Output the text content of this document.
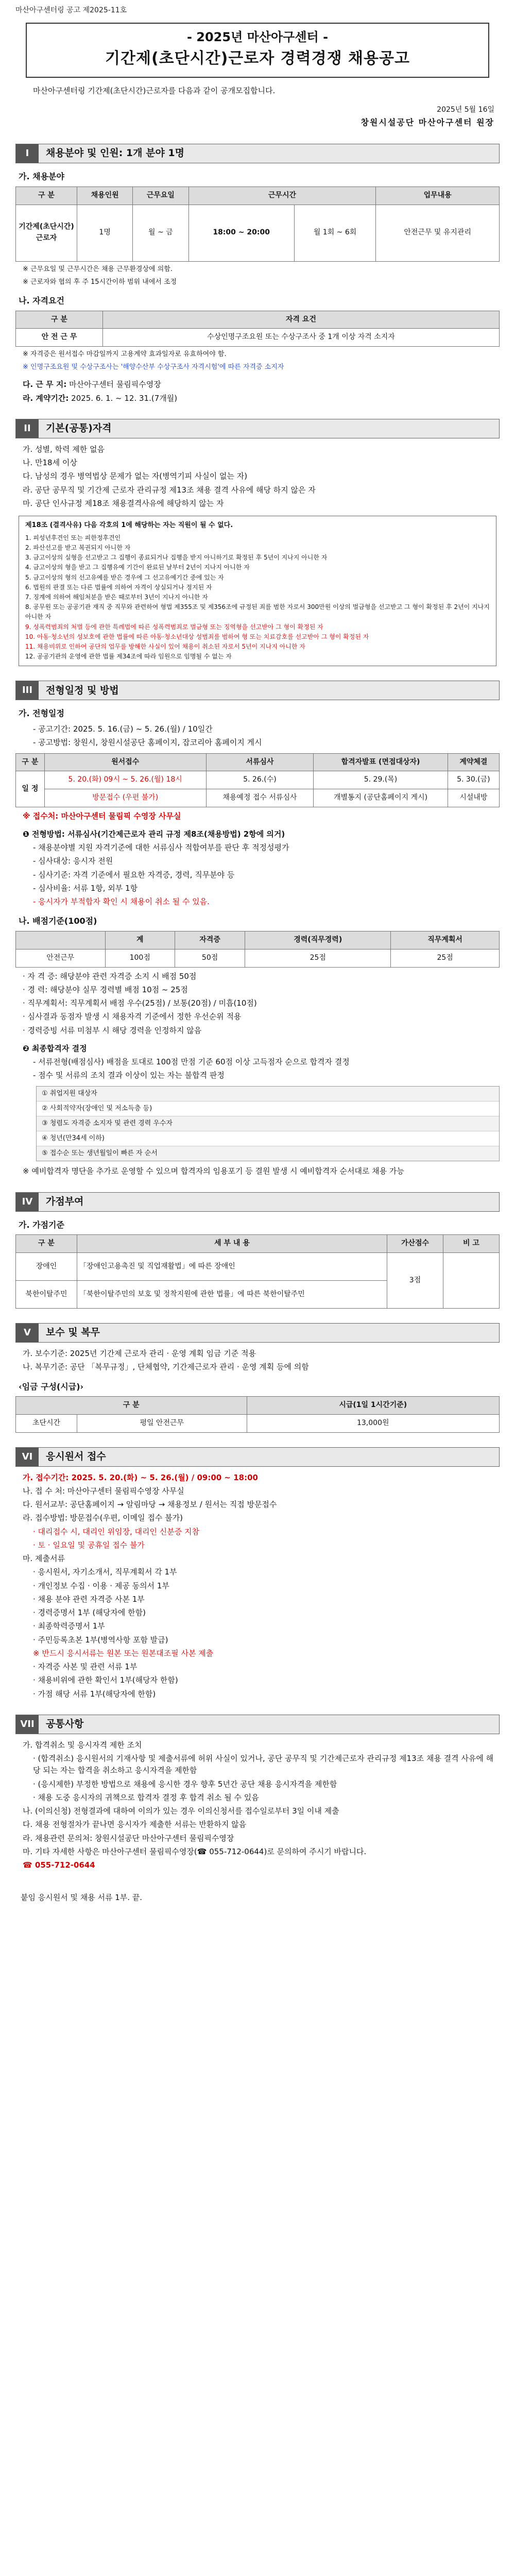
마산아구센터링 공고 제2025-11호
- 2025년 마산아구센터 -
기간제(초단시간)근로자 경력경쟁 채용공고
마산아구센터링 기간제(초단시간)근로자를 다음과 같이 공개모집합니다.
2025년 5월 16일
창원시설공단 마산아구센터 원장
I	채용분야 및 인원: 1개 분야 1명
가. 채용분야
구 분	채용인원	근무요일	근무시간		업무내용
기간제(초단시간) 근로자	1명	월 ~ 금	18:00 ~ 20:00	월 1회 ~ 6회	안전근무 및 유지관리
※ 근무요일 및 근무시간은 채용 근무환경상에 의함.
※ 근로자와 협의 후 주 15시간이하 범위 내에서 조정
나. 자격요건
구 분	자격 요건
안 전 근 무	수상인명구조요원 또는 수상구조사 중 1개 이상 자격 소지자
※ 자격증은 원서접수 마감일까지 고용계약 효과일자로 유효하여야 함.
※ 인명구조요원 및 수상구조사는 '해양수산부 수상구조사 자격시험'에 따른 자격증 소지자
다. 근 무 지: 마산아구센터 물림픽수영장
라. 계약기간: 2025. 6. 1. ~ 12. 31.(7개월)
II	기본(공통)자격
가. 성별, 학력 제한 없음
나. 만18세 이상
다. 남성의 경우 병역법상 문제가 없는 자(병역기피 사실이 없는 자)
라. 공단 공무직 및 기간제 근로자 관리규정 제13조 채용 결격 사유에 해당 하지 않은 자
마. 공단 인사규정 제18조 채용결격사유에 해당하지 않는 자
제18조 (결격사유) 다음 각호의 1에 해당하는 자는 직원이 될 수 없다.
1. 피성년후견인 또는 피한정후견인
2. 파산선고를 받고 복권되지 아니한 자
3. 금고이상의 실형을 선고받고 그 집행이 종료되거나 집행을 받지 아니하기로 확정된 후 5년이 지나지 아니한 자
4. 금고이상의 형을 받고 그 집행유예 기간이 완료된 날부터 2년이 지나지 아니한 자
5. 금고이상의 형의 선고유예를 받은 경우에 그 선고유예기간 중에 있는 자
6. 법원의 판결 또는 다른 법률에 의하여 자격이 상실되거나 정지된 자
7. 징계에 의하여 해임처분을 받은 때로부터 3년이 지나지 아니한 자
8. 공무원 또는 공공기관 재직 중 직무와 관련하여 형법 제355조 및 제356조에 규정된 죄를 범한 자로서 300만원 이상의 벌금형을 선고받고 그 형이 확정된 후 2년이 지나지 아니한 자
9. 성폭력범죄의 처벌 등에 관한 특례법에 따른 성폭력범죄로 벌금형 또는 징역형을 선고받아 그 형이 확정된 자
10. 아동·청소년의 성보호에 관한 법률에 따른 아동·청소년대상 성범죄를 범하여 형 또는 치료감호를 선고받아 그 형이 확정된 자
11. 채용비위로 인하여 공단의 업무를 방해한 사실이 있어 채용이 취소된 자로서 5년이 지나지 아니한 자
12. 공공기관의 운영에 관한 법률 제34조에 따라 임원으로 임명될 수 없는 자
III	전형일정 및 방법
가. 전형일정
- 공고기간: 2025. 5. 16.(금) ~ 5. 26.(월) / 10일간
- 공고방법: 창원시, 창원시설공단 홈페이지, 잡코리아 홈페이지 게시
구 분	원서접수	서류심사	합격자발표 (면접대상자)	계약체결
일 정	5. 20.(화) 09시 ~ 5. 26.(월) 18시	5. 26.(수)	5. 29.(목)	5. 30.(금)
	방문접수 (우편 불가)	채용예정 접수 서류심사	개별통지 (공단홈페이지 게시)	시설내방
※ 접수처: 마산아구센터 물림픽 수영장 사무실
❶ 전형방법: 서류심사(기간제근로자 관리 규정 제8조(채용방법) 2항에 의거)
- 채용분야별 지원 자격기준에 대한 서류심사 적합여부를 판단 후 적정성평가
- 심사대상: 응시자 전원
- 심사기준: 자격 기준에서 필요한 자격증, 경력, 직무분야 등
- 심사비율: 서류 1항, 외부 1항
- 응시자가 부적합자 확인 시 채용이 취소 될 수 있음.
나. 배점기준(100점)
	계	자격증	경력(직무경력)	직무계획서

안전근무	100점	50점	25점	25점
· 자 격 증: 해당분야 관련 자격증 소지 시 배점 50점
· 경 력: 해당분야 실무 경력별 배점 10점 ~ 25점
· 직무계획서: 직무계획서 배점 우수(25점) / 보통(20점) / 미흡(10점)
· 심사결과 동점자 발생 시 채용자격 기준에서 정한 우선순위 적용
· 경력증빙 서류 미첨부 시 해당 경력을 인정하지 않음
❷ 최종합격자 결정
- 서류전형(배점심사) 배점을 토대로 100점 만점 기준 60점 이상 고득점자 순으로 합격자 결정
- 점수 및 서류의 조치 결과 이상이 있는 자는 불합격 판정
① 취업지원 대상자
② 사회적약자(장애인 및 저소득층 등)
③ 청렴도 자격증 소지자 및 관련 경력 우수자
④ 청년(만34세 이하)
⑤ 접수순 또는 생년월일이 빠른 자 순서
※ 예비합격자 명단을 추가로 운영할 수 있으며 합격자의 임용포기 등 결원 발생 시 예비합격자 순서대로 채용 가능
IV	가점부여
가. 가점기준
구 분	세 부 내 용	가산점수	비 고
장애인	「장애인고용촉진 및 직업재활법」에 따른 장애인	3점	
북한이탈주민	「북한이탈주민의 보호 및 정착지원에 관한 법률」에 따른 북한이탈주민		
V	보수 및 복무
가. 보수기준: 2025년 기간제 근로자 관리 · 운영 계획 임금 기준 적용
나. 복무기준: 공단 「복무규정」, 단체협약, 기간제근로자 관리 · 운영 계획 등에 의함
‹임금 구성(시급)›
구 분		시급(1일 1시간기준)
초단시간	평일 안전근무	13,000원
VI	응시원서 접수
가. 접수기간: 2025. 5. 20.(화) ~ 5. 26.(월) / 09:00 ~ 18:00
나. 접 수 처: 마산아구센터 물림픽수영장 사무실
다. 원서교부: 공단홈페이지 → 알림마당 → 채용정보 / 원서는 직접 방문접수
라. 접수방법: 방문접수(우편, 이메일 접수 불가)
· 대리접수 시, 대리인 위임장, 대리인 신분증 지참
· 토 · 일요일 및 공휴일 접수 불가
마. 제출서류
· 응시원서, 자기소개서, 직무계획서 각 1부
· 개인정보 수집 · 이용 · 제공 동의서 1부
· 채용 분야 관련 자격증 사본 1부
· 경력증명서 1부 (해당자에 한함)
· 최종학력증명서 1부
· 주민등록초본 1부(병역사항 포함 발급)
※ 반드시 응시서류는 원본 또는 원본대조필 사본 제출
· 자격증 사본 및 관련 서류 1부
· 채용비위에 관한 확인서 1부(해당자 한함)
· 가점 해당 서류 1부(해당자에 한함)
VII	공통사항
가. 합격취소 및 응시자격 제한 조치
· (합격취소) 응시원서의 기재사항 및 제출서류에 허위 사실이 있거나, 공단 공무직 및 기간제근로자 관리규정 제13조 채용 결격 사유에 해당 되는 자는 합격을 취소하고 응시자격을 제한함
· (응시제한) 부정한 방법으로 채용에 응시한 경우 향후 5년간 공단 채용 응시자격을 제한함
· 채용 도중 응시자의 귀책으로 합격자 결정 후 합격 취소 될 수 있음
나. (이의신청) 전형결과에 대하여 이의가 있는 경우 이의신청서를 접수일로부터 3일 이내 제출
다. 채용 전형절차가 끝나면 응시자가 제출한 서류는 반환하지 않음
라. 채용관련 문의처: 창원시설공단 마산아구센터 물림픽수영장
마. 기타 자세한 사항은 마산아구센터 물림픽수영장(☎ 055-712-0644)로 문의하여 주시기 바랍니다.
☎ 055-712-0644
붙임 응시원서 및 채용 서류 1부. 끝.
